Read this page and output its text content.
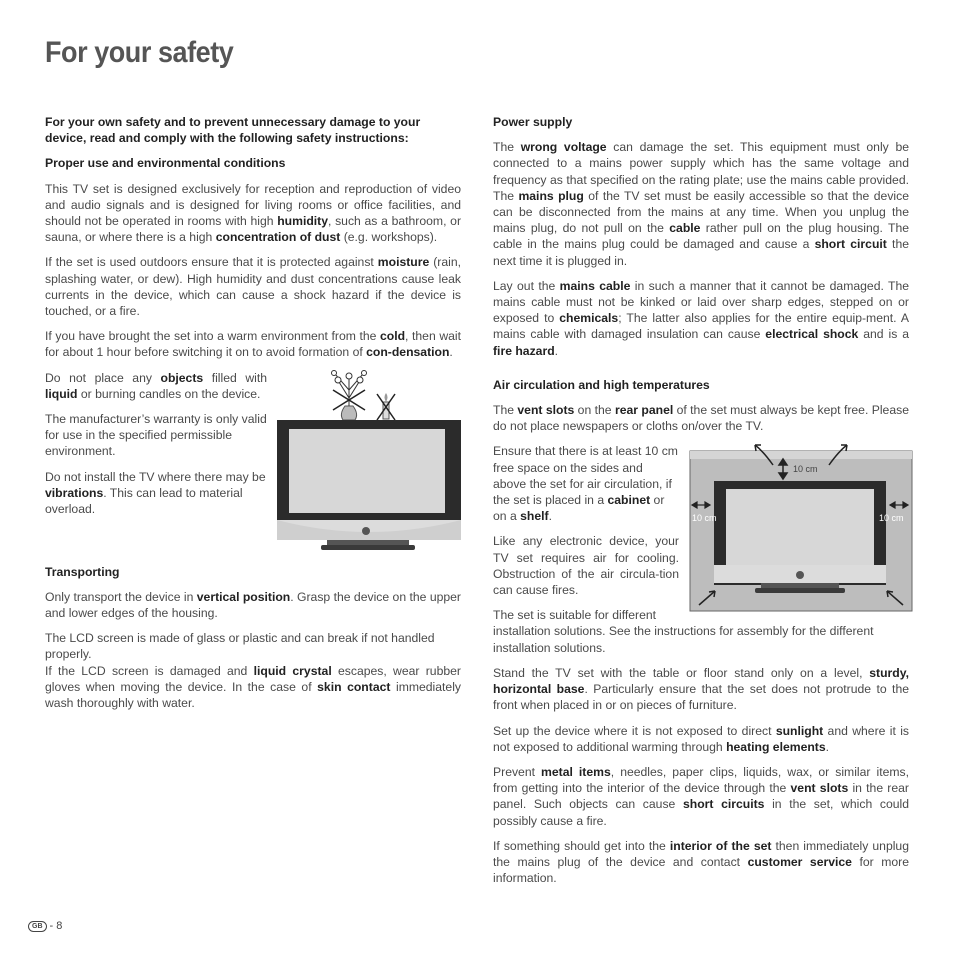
For your safety

For your own safety and to prevent unnecessary damage to your device, read and comply with the following safety instructions:

Proper use and environmental conditions

This TV set is designed exclusively for reception and reproduction of video and audio signals and is designed for living rooms or office facilities, and should not be operated in rooms with high humidity, such as a bathroom, or sauna, or where there is a high concentration of dust (e.g. workshops).

If the set is used outdoors ensure that it is protected against moisture (rain, splashing water, or dew). High humidity and dust concentrations cause leak currents in the device, which can cause a shock hazard if the device is touched, or a fire.

If you have brought the set into a warm environment from the cold, then wait for about 1 hour before switching it on to avoid formation of con-densation.

Do not place any objects filled with liquid or burning candles on the device.

The manufacturer’s warranty is only valid for use in the specified permissible environment.

Do not install the TV where there may be vibrations. This can lead to material overload.

Transporting

Only transport the device in vertical position. Grasp the device on the upper and lower edges of the housing.

The LCD screen is made of glass or plastic and can break if not handled properly.

If the LCD screen is damaged and liquid crystal escapes, wear rubber gloves when moving the device. In the case of skin contact immediately wash thoroughly with water.

Power supply

The wrong voltage can damage the set. This equipment must only be connected to a mains power supply which has the same voltage and frequency as that specified on the rating plate; use the mains cable provided. The mains plug of the TV set must be easily accessible so that the device can be disconnected from the mains at any time. When you unplug the mains plug, do not pull on the cable rather pull on the plug housing. The cable in the mains plug could be damaged and cause a short circuit the next time it is plugged in.

Lay out the mains cable in such a manner that it cannot be damaged. The mains cable must not be kinked or laid over sharp edges, stepped on or exposed to chemicals; The latter also applies for the entire equip-ment. A mains cable with damaged insulation can cause electrical shock and is a fire hazard.

Air circulation and high temperatures

The vent slots on the rear panel of the set must always be kept free. Please do not place newspapers or cloths on/over the TV.

10 cm
10 cm	10 cm

Ensure that there is at least 10 cm free space on the sides and above the set for air circulation, if the set is placed in a cabinet or on a shelf.

Like any electronic device, your TV set requires air for cooling. Obstruction of the air circula-tion can cause fires.

The set is suitable for different installation solutions. See the instructions for assembly for the different installation solutions.

Stand the TV set with the table or floor stand only on a level, sturdy, horizontal base. Particularly ensure that the set does not protrude to the front when placed in or on pieces of furniture.

Set up the device where it is not exposed to direct sunlight and where it is not exposed to additional warming through heating elements.

Prevent metal items, needles, paper clips, liquids, wax, or similar items, from getting into the interior of the device through the vent slots in the rear panel. Such objects can cause short circuits in the set, which could possibly cause a fire.

If something should get into the interior of the set then immediately unplug the mains plug of the device and contact customer service for more information.

GB - 8
